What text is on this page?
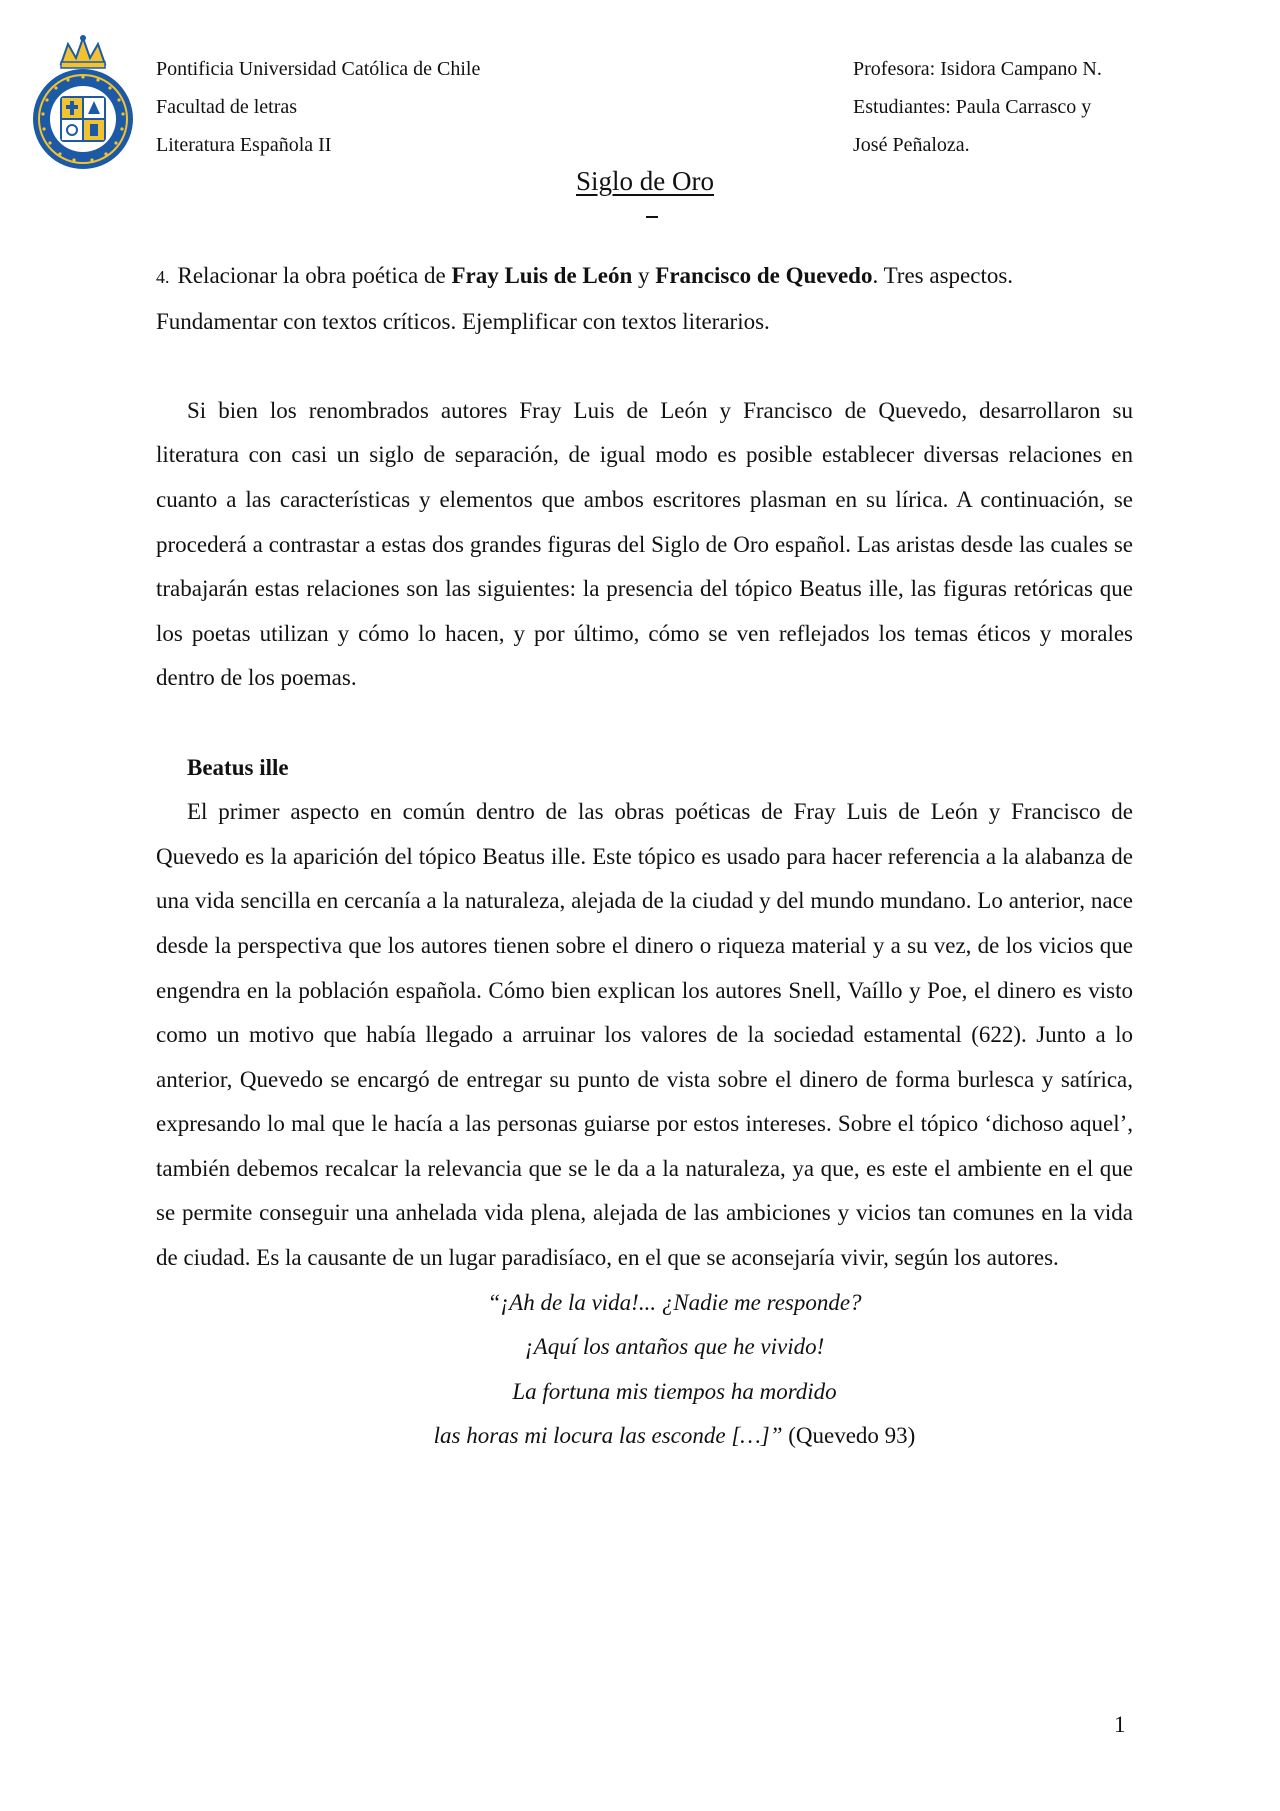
Pontificia Universidad Católica de Chile
Facultad de letras
Literatura Española II
Profesora: Isidora Campano N.
Estudiantes: Paula Carrasco y
José Peñaloza.
Siglo de Oro

4. Relacionar la obra poética de Fray Luis de León y Francisco de Quevedo. Tres aspectos. Fundamentar con textos críticos. Ejemplificar con textos literarios.

Si bien los renombrados autores Fray Luis de León y Francisco de Quevedo, desarrollaron su literatura con casi un siglo de separación, de igual modo es posible establecer diversas relaciones en cuanto a las características y elementos que ambos escritores plasman en su lírica. A continuación, se procederá a contrastar a estas dos grandes figuras del Siglo de Oro español. Las aristas desde las cuales se trabajarán estas relaciones son las siguientes: la presencia del tópico Beatus ille, las figuras retóricas que los poetas utilizan y cómo lo hacen, y por último, cómo se ven reflejados los temas éticos y morales dentro de los poemas.

Beatus ille

El primer aspecto en común dentro de las obras poéticas de Fray Luis de León y Francisco de Quevedo es la aparición del tópico Beatus ille. Este tópico es usado para hacer referencia a la alabanza de una vida sencilla en cercanía a la naturaleza, alejada de la ciudad y del mundo mundano. Lo anterior, nace desde la perspectiva que los autores tienen sobre el dinero o riqueza material y a su vez, de los vicios que engendra en la población española. Cómo bien explican los autores Snell, Vaíllo y Poe, el dinero es visto como un motivo que había llegado a arruinar los valores de la sociedad estamental (622). Junto a lo anterior, Quevedo se encargó de entregar su punto de vista sobre el dinero de forma burlesca y satírica, expresando lo mal que le hacía a las personas guiarse por estos intereses. Sobre el tópico ‘dichoso aquel’, también debemos recalcar la relevancia que se le da a la naturaleza, ya que, es este el ambiente en el que se permite conseguir una anhelada vida plena, alejada de las ambiciones y vicios tan comunes en la vida de ciudad. Es la causante de un lugar paradisíaco, en el que se aconsejaría vivir, según los autores.

“¡Ah de la vida!... ¿Nadie me responde?
¡Aquí los antaños que he vivido!
La fortuna mis tiempos ha mordido
las horas mi locura las esconde […]” (Quevedo 93)
1
